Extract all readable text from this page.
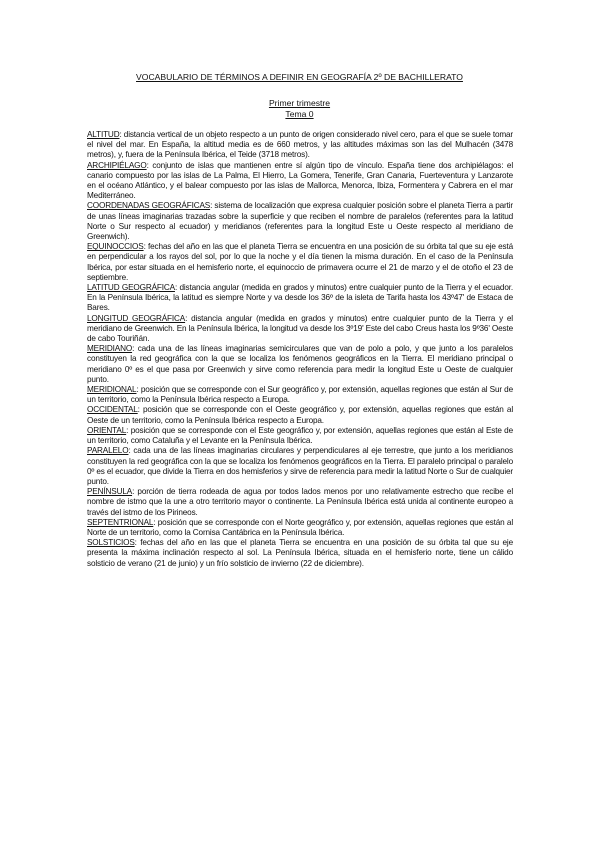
VOCABULARIO DE TÉRMINOS A DEFINIR EN GEOGRAFÍA 2º DE BACHILLERATO
Primer trimestre
Tema 0

ALTITUD: distancia vertical de un objeto respecto a un punto de origen considerado nivel cero, para el que se suele tomar el nivel del mar. En España, la altitud media es de 660 metros, y las altitudes máximas son las del Mulhacén (3478 metros), y, fuera de la Península Ibérica, el Teide (3718 metros).

ARCHIPIÉLAGO: conjunto de islas que mantienen entre sí algún tipo de vínculo. España tiene dos archipiélagos: el canario compuesto por las islas de La Palma, El Hierro, La Gomera, Tenerife, Gran Canaria, Fuerteventura y Lanzarote en el océano Atlántico, y el balear compuesto por las islas de Mallorca, Menorca, Ibiza, Formentera y Cabrera en el mar Mediterráneo.

COORDENADAS GEOGRÁFICAS: sistema de localización que expresa cualquier posición sobre el planeta Tierra a partir de unas líneas imaginarias trazadas sobre la superficie y que reciben el nombre de paralelos (referentes para la latitud Norte o Sur respecto al ecuador) y meridianos (referentes para la longitud Este u Oeste respecto al meridiano de Greenwich).

EQUINOCCIOS: fechas del año en las que el planeta Tierra se encuentra en una posición de su órbita tal que su eje está en perpendicular a los rayos del sol, por lo que la noche y el día tienen la misma duración. En el caso de la Península Ibérica, por estar situada en el hemisferio norte, el equinoccio de primavera ocurre el 21 de marzo y el de otoño el 23 de septiembre.

LATITUD GEOGRÁFICA: distancia angular (medida en grados y minutos) entre cualquier punto de la Tierra y el ecuador. En la Península Ibérica, la latitud es siempre Norte y va desde los 36º de la isleta de Tarifa hasta los 43º47' de Estaca de Bares.

LONGITUD GEOGRÁFICA: distancia angular (medida en grados y minutos) entre cualquier punto de la Tierra y el meridiano de Greenwich. En la Península Ibérica, la longitud va desde los 3º19' Este del cabo Creus hasta los 9º36' Oeste de cabo Touriñán.

MERIDIANO: cada una de las líneas imaginarias semicirculares que van de polo a polo, y que junto a los paralelos constituyen la red geográfica con la que se localiza los fenómenos geográficos en la Tierra. El meridiano principal o meridiano 0º es el que pasa por Greenwich y sirve como referencia para medir la longitud Este u Oeste de cualquier punto.

MERIDIONAL: posición que se corresponde con el Sur geográfico y, por extensión, aquellas regiones que están al Sur de un territorio, como la Península Ibérica respecto a Europa.

OCCIDENTAL: posición que se corresponde con el Oeste geográfico y, por extensión, aquellas regiones que están al Oeste de un territorio, como la Península Ibérica respecto a Europa.

ORIENTAL: posición que se corresponde con el Este geográfico y, por extensión, aquellas regiones que están al Este de un territorio, como Cataluña y el Levante en la Península Ibérica.

PARALELO: cada una de las líneas imaginarias circulares y perpendiculares al eje terrestre, que junto a los meridianos constituyen la red geográfica con la que se localiza los fenómenos geográficos en la Tierra. El paralelo principal o paralelo 0º es el ecuador, que divide la Tierra en dos hemisferios y sirve de referencia para medir la latitud Norte o Sur de cualquier punto.

PENÍNSULA: porción de tierra rodeada de agua por todos lados menos por uno relativamente estrecho que recibe el nombre de istmo que la une a otro territorio mayor o continente. La Península Ibérica está unida al continente europeo a través del istmo de los Pirineos.

SEPTENTRIONAL: posición que se corresponde con el Norte geográfico y, por extensión, aquellas regiones que están al Norte de un territorio, como la Cornisa Cantábrica en la Península Ibérica.

SOLSTICIOS: fechas del año en las que el planeta Tierra se encuentra en una posición de su órbita tal que su eje presenta la máxima inclinación respecto al sol. La Península Ibérica, situada en el hemisferio norte, tiene un cálido solsticio de verano (21 de junio) y un frío solsticio de invierno (22 de diciembre).
